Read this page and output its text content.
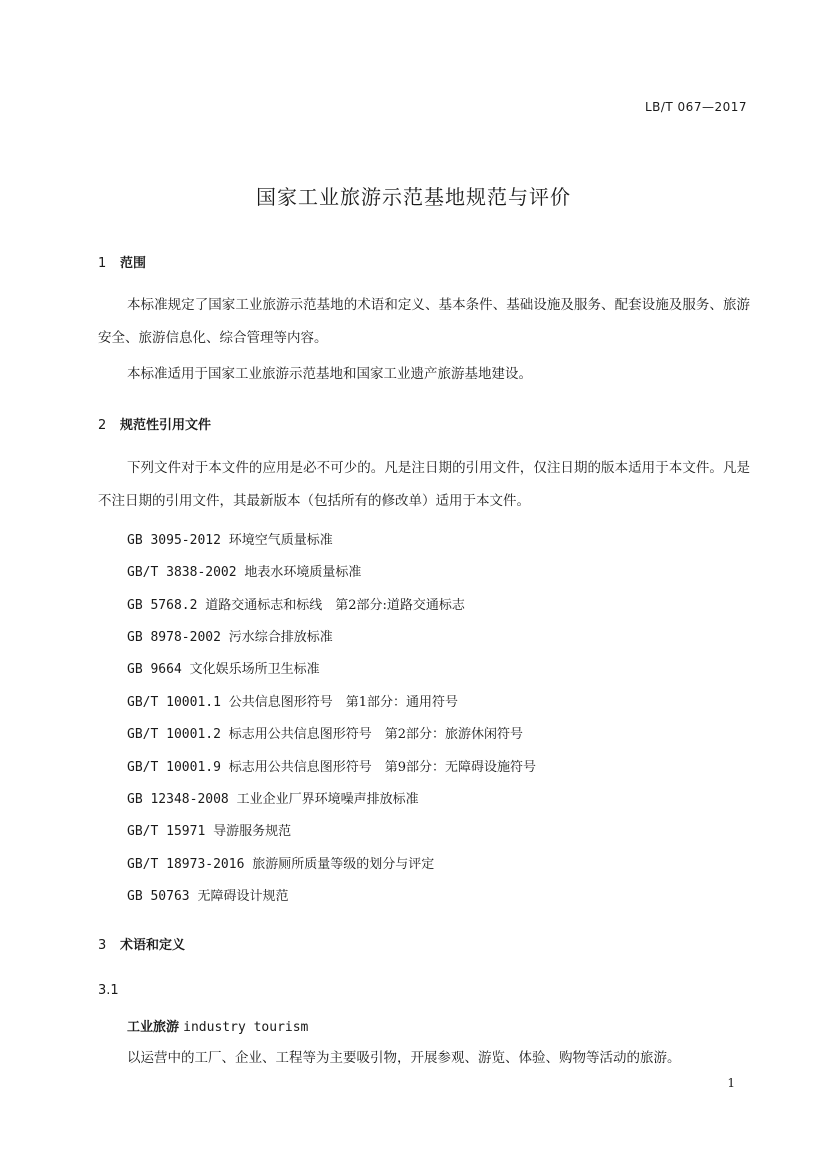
LB/T 067—2017
国家工业旅游示范基地规范与评价
1 范围
本标准规定了国家工业旅游示范基地的术语和定义、基本条件、基础设施及服务、配套设施及服务、旅游安全、旅游信息化、综合管理等内容。
本标准适用于国家工业旅游示范基地和国家工业遗产旅游基地建设。
2 规范性引用文件
下列文件对于本文件的应用是必不可少的。凡是注日期的引用文件，仅注日期的版本适用于本文件。凡是不注日期的引用文件，其最新版本（包括所有的修改单）适用于本文件。
GB 3095-2012 环境空气质量标准
GB/T 3838-2002 地表水环境质量标准
GB 5768.2 道路交通标志和标线　第2部分:道路交通标志
GB 8978-2002 污水综合排放标准
GB 9664 文化娱乐场所卫生标准
GB/T 10001.1 公共信息图形符号　第1部分：通用符号
GB/T 10001.2 标志用公共信息图形符号　第2部分：旅游休闲符号
GB/T 10001.9 标志用公共信息图形符号　第9部分：无障碍设施符号
GB 12348-2008 工业企业厂界环境噪声排放标准
GB/T 15971 导游服务规范
GB/T 18973-2016 旅游厕所质量等级的划分与评定
GB 50763 无障碍设计规范
3 术语和定义
3.1
工业旅游 industry tourism
以运营中的工厂、企业、工程等为主要吸引物，开展参观、游览、体验、购物等活动的旅游。
1
